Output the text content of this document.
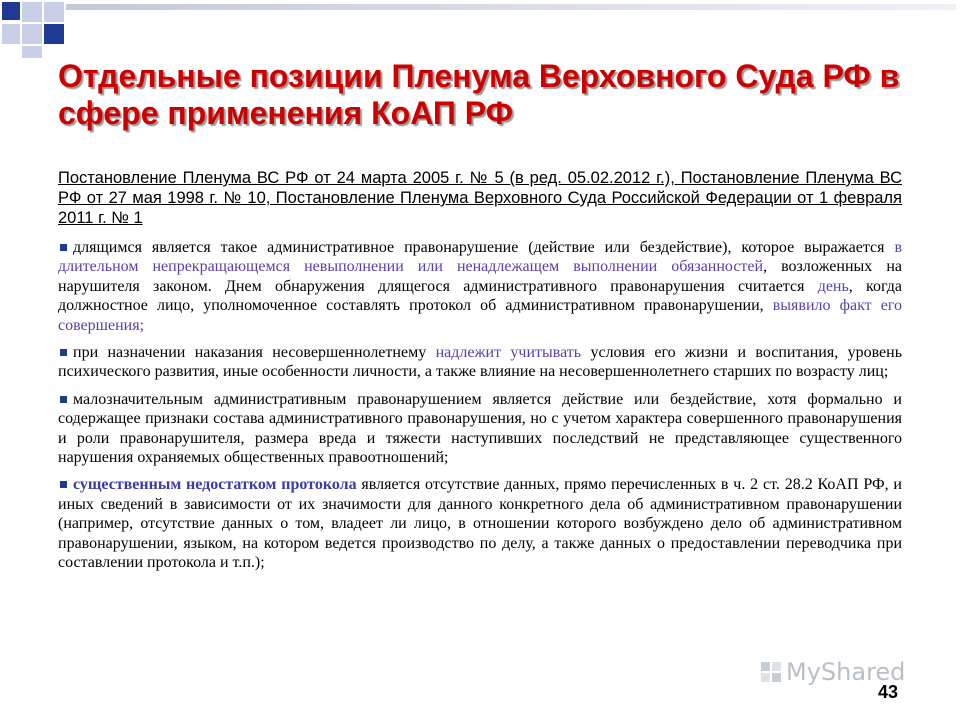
Отдельные позиции Пленума Верховного Суда РФ в сфере применения КоАП РФ
Постановление Пленума ВС РФ от 24 марта 2005 г. № 5 (в ред. 05.02.2012 г.), Постановление Пленума ВС РФ от 27 мая 1998 г. № 10, Постановление Пленума Верховного Суда Российской Федерации от 1 февраля 2011 г. № 1
длящимся является такое административное правонарушение (действие или бездействие), которое выражается в длительном непрекращающемся невыполнении или ненадлежащем выполнении обязанностей, возложенных на нарушителя законом. Днем обнаружения длящегося административного правонарушения считается день, когда должностное лицо, уполномоченное составлять протокол об административном правонарушении, выявило факт его совершения;
при назначении наказания несовершеннолетнему надлежит учитывать условия его жизни и воспитания, уровень психического развития, иные особенности личности, а также влияние на несовершеннолетнего старших по возрасту лиц;
малозначительным административным правонарушением является действие или бездействие, хотя формально и содержащее признаки состава административного правонарушения, но с учетом характера совершенного правонарушения и роли правонарушителя, размера вреда и тяжести наступивших последствий не представляющее существенного нарушения охраняемых общественных правоотношений;
существенным недостатком протокола является отсутствие данных, прямо перечисленных в ч. 2 ст. 28.2 КоАП РФ, и иных сведений в зависимости от их значимости для данного конкретного дела об административном правонарушении (например, отсутствие данных о том, владеет ли лицо, в отношении которого возбуждено дело об административном правонарушении, языком, на котором ведется производство по делу, а также данных о предоставлении переводчика при составлении протокола и т.п.);
MyShared
43
